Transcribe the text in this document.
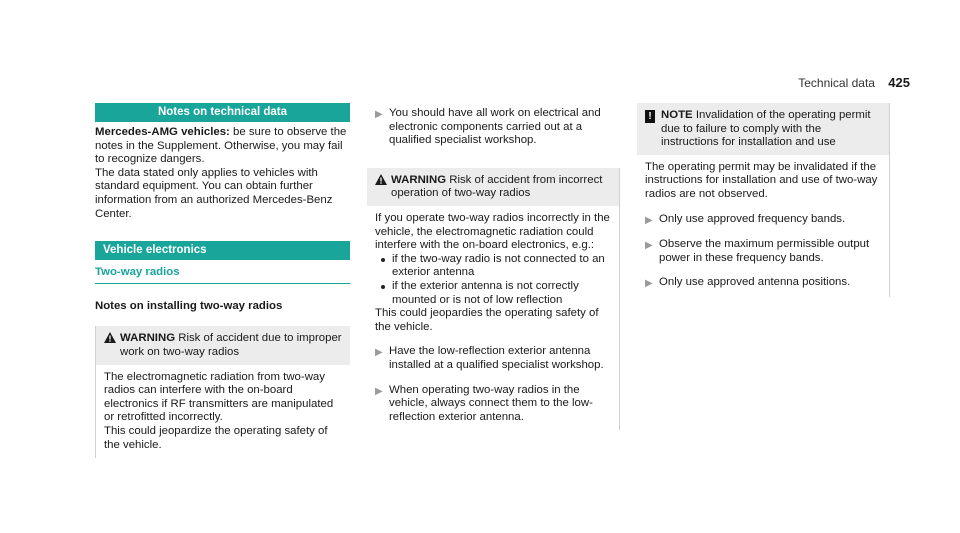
Technical data 425
Notes on technical data

Mercedes-AMG vehicles: be sure to observe the notes in the Supplement. Otherwise, you may fail to recognize dangers.

The data stated only applies to vehicles with standard equipment. You can obtain further information from an authorized Mercedes-Benz Center.

Vehicle electronics
Two-way radios
Notes on installing two-way radios
WARNING Risk of accident due to improper work on two-way radios

The electromagnetic radiation from two-way radios can interfere with the on-board electronics if RF transmitters are manipulated or retrofitted incorrectly.

This could jeopardize the operating safety of the vehicle.

▶ You should have all work on electrical and electronic components carried out at a qualified specialist workshop.
WARNING Risk of accident from incorrect operation of two-way radios

If you operate two-way radios incorrectly in the vehicle, the electromagnetic radiation could interfere with the on-board electronics, e.g.:

if the two-way radio is not connected to an exterior antenna
if the exterior antenna is not correctly mounted or is not of low reflection

This could jeopardies the operating safety of the vehicle.

▶ Have the low-reflection exterior antenna installed at a qualified specialist workshop.
▶ When operating two-way radios in the vehicle, always connect them to the low-reflection exterior antenna.
! NOTE Invalidation of the operating permit due to failure to comply with the instructions for installation and use

The operating permit may be invalidated if the instructions for installation and use of two-way radios are not observed.

▶ Only use approved frequency bands.
▶ Observe the maximum permissible output power in these frequency bands.
▶ Only use approved antenna positions.
